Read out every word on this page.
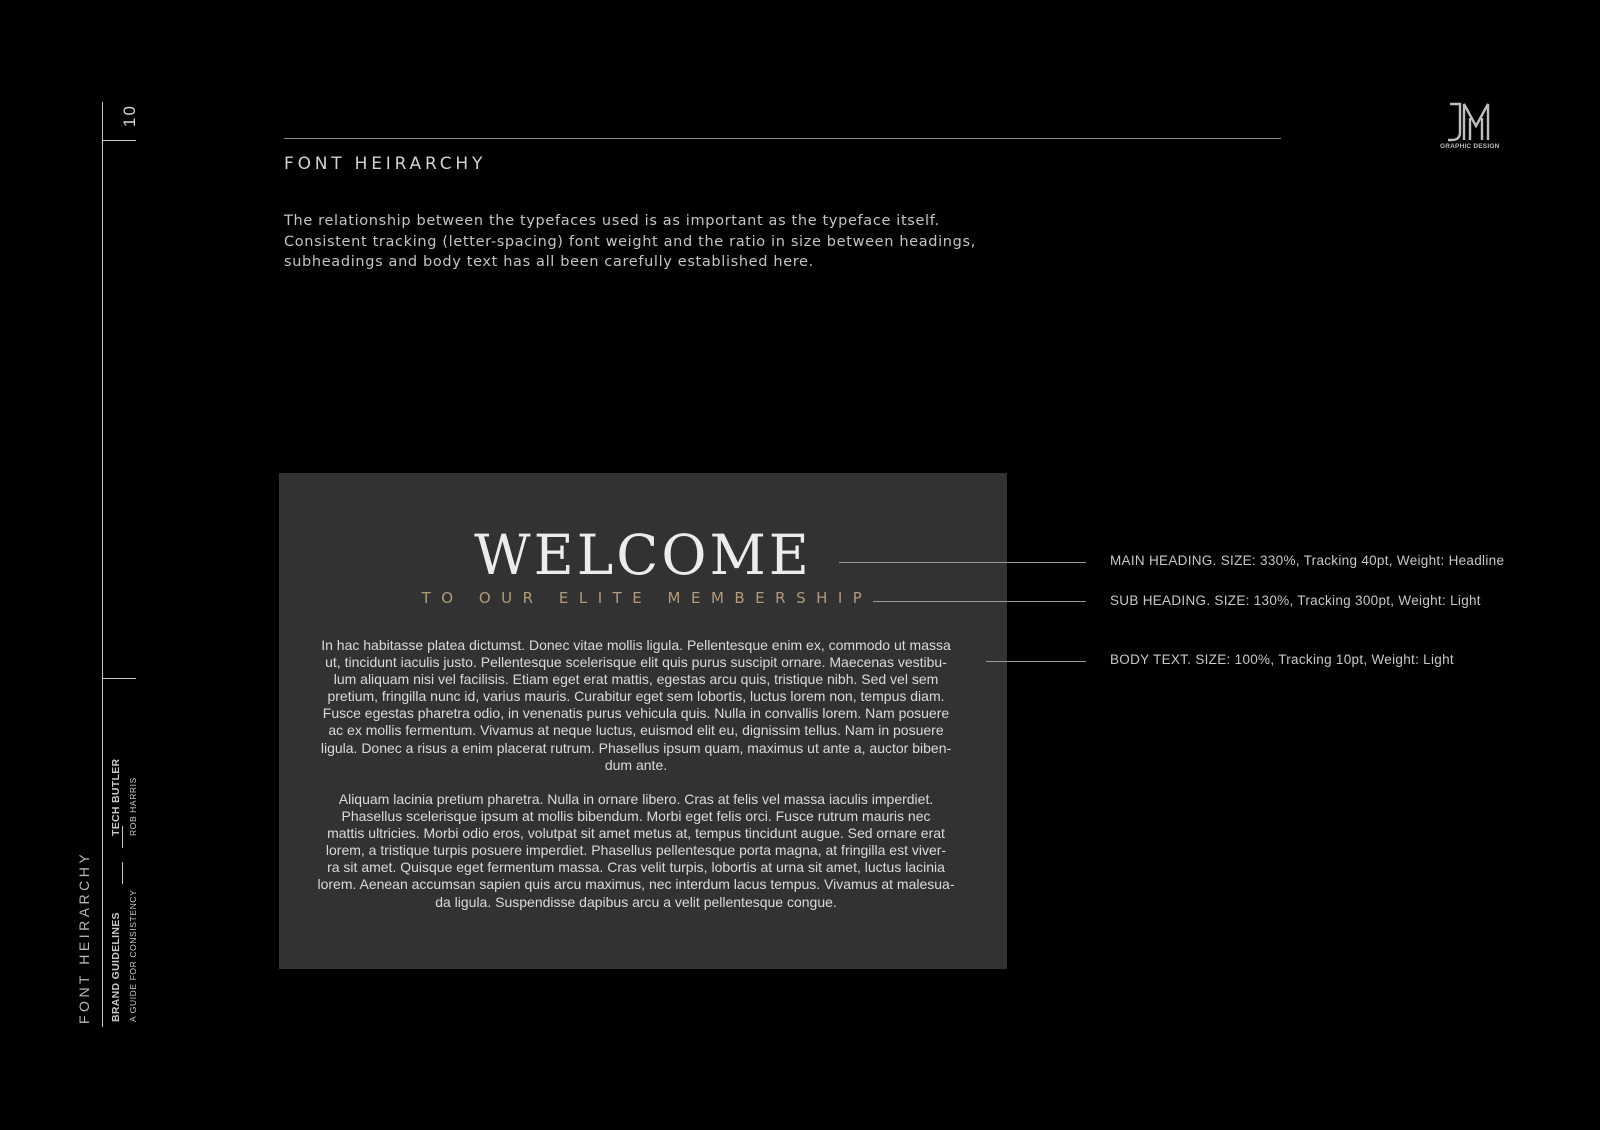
10
FONT HEIRARCHY BRAND GUIDELINES A GUIDE FOR CONSISTENCY
TECH BUTLER ROB HARRIS
GRAPHIC DESIGN
FONT HEIRARCHY
The relationship between the typefaces used is as important as the typeface itself.
Consistent tracking (letter-spacing) font weight and the ratio in size between headings,
subheadings and body text has all been carefully established here.
WELCOME
TO OUR ELITE MEMBERSHIP
In hac habitasse platea dictumst. Donec vitae mollis ligula. Pellentesque enim ex, commodo ut massa
ut, tincidunt iaculis justo. Pellentesque scelerisque elit quis purus suscipit ornare. Maecenas vestibu-
lum aliquam nisi vel facilisis. Etiam eget erat mattis, egestas arcu quis, tristique nibh. Sed vel sem
pretium, fringilla nunc id, varius mauris. Curabitur eget sem lobortis, luctus lorem non, tempus diam.
Fusce egestas pharetra odio, in venenatis purus vehicula quis. Nulla in convallis lorem. Nam posuere
ac ex mollis fermentum. Vivamus at neque luctus, euismod elit eu, dignissim tellus. Nam in posuere
ligula. Donec a risus a enim placerat rutrum. Phasellus ipsum quam, maximus ut ante a, auctor biben-
dum ante.
Aliquam lacinia pretium pharetra. Nulla in ornare libero. Cras at felis vel massa iaculis imperdiet.
Phasellus scelerisque ipsum at mollis bibendum. Morbi eget felis orci. Fusce rutrum mauris nec
mattis ultricies. Morbi odio eros, volutpat sit amet metus at, tempus tincidunt augue. Sed ornare erat
lorem, a tristique turpis posuere imperdiet. Phasellus pellentesque porta magna, at fringilla est viver-
ra sit amet. Quisque eget fermentum massa. Cras velit turpis, lobortis at urna sit amet, luctus lacinia
lorem. Aenean accumsan sapien quis arcu maximus, nec interdum lacus tempus. Vivamus at malesua-
da ligula. Suspendisse dapibus arcu a velit pellentesque congue.
MAIN HEADING. SIZE: 330%, Tracking 40pt, Weight: Headline
SUB HEADING. SIZE: 130%, Tracking 300pt, Weight: Light
BODY TEXT. SIZE: 100%, Tracking 10pt, Weight: Light
